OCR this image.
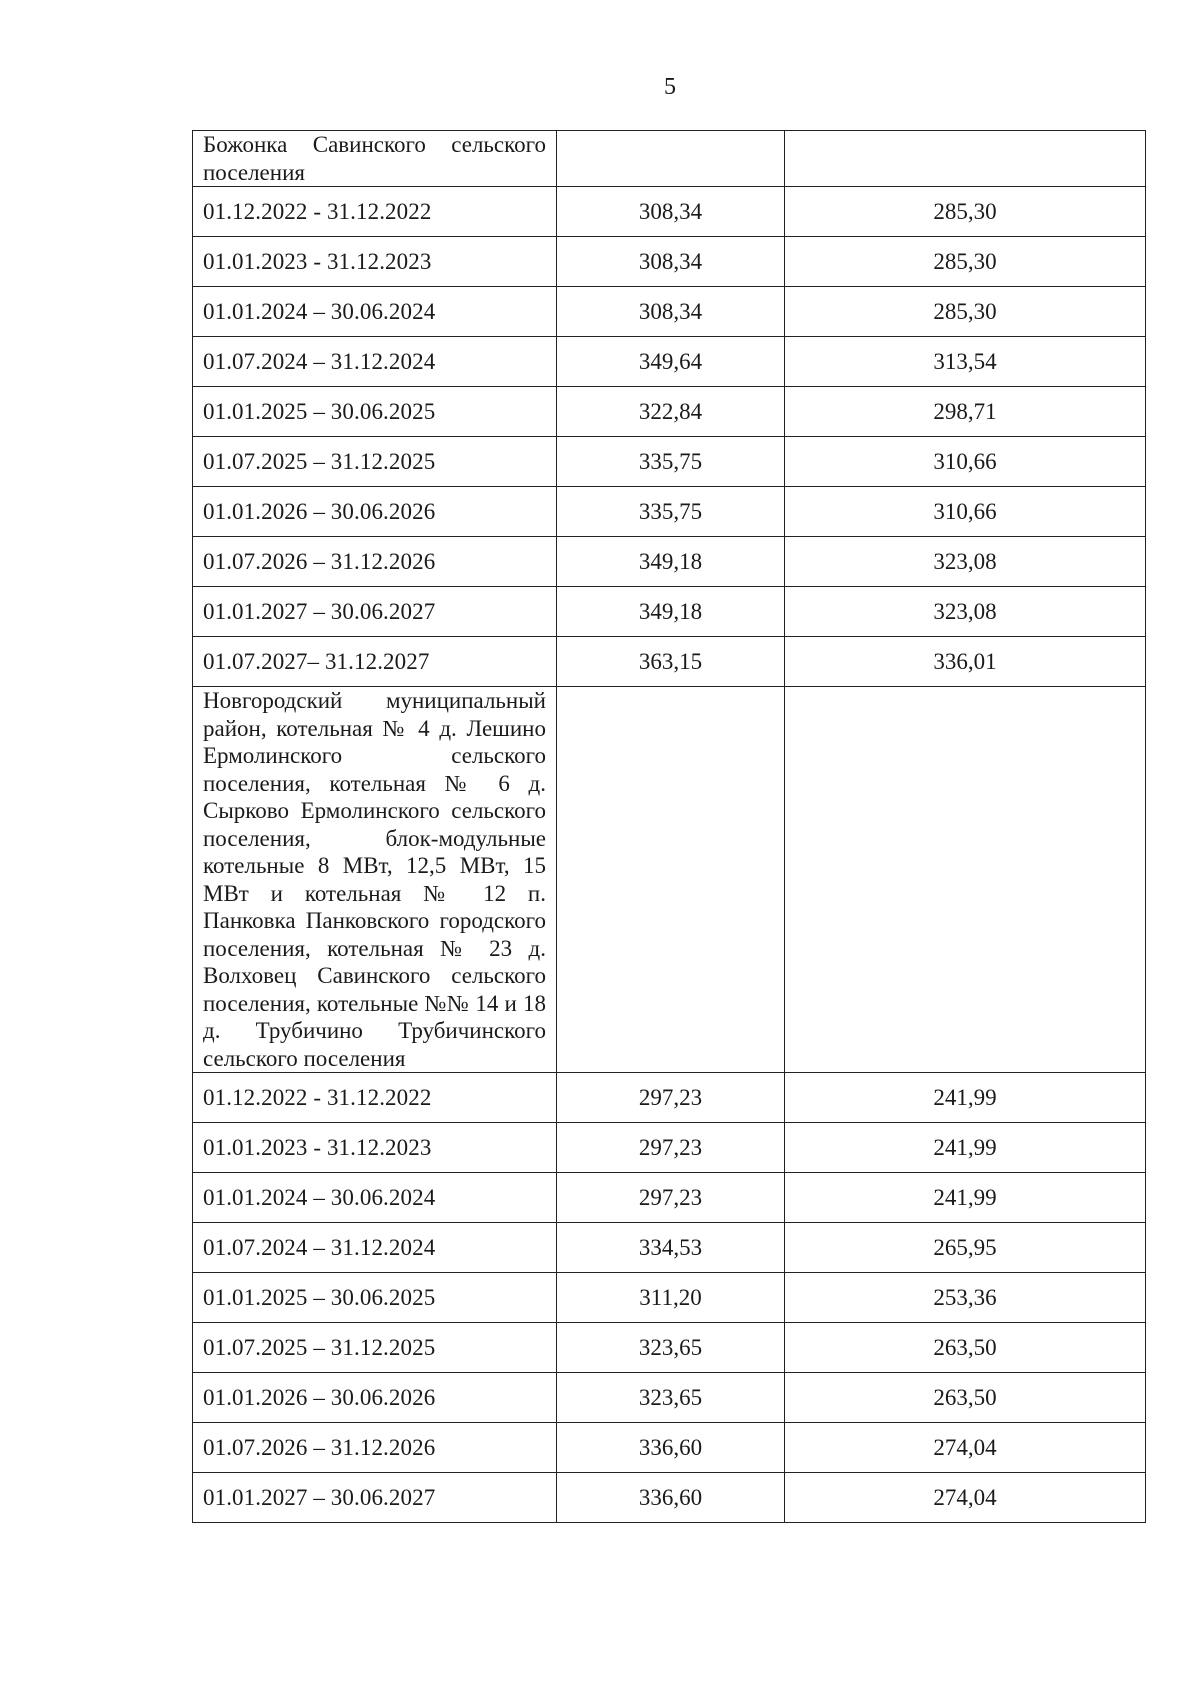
5
Божонка Савинского сельского поселения		
01.12.2022 - 31.12.2022	308,34	285,30
01.01.2023 - 31.12.2023	308,34	285,30
01.01.2024 – 30.06.2024	308,34	285,30
01.07.2024 – 31.12.2024	349,64	313,54
01.01.2025 – 30.06.2025	322,84	298,71
01.07.2025 – 31.12.2025	335,75	310,66
01.01.2026 – 30.06.2026	335,75	310,66
01.07.2026 – 31.12.2026	349,18	323,08
01.01.2027 – 30.06.2027	349,18	323,08
01.07.2027– 31.12.2027	363,15	336,01
Новгородский муниципальный район, котельная № 4 д. Лешино Ермолинского сельского поселения, котельная № 6 д. Сырково Ермолинского сельского поселения, блок-модульные котельные 8 МВт, 12,5 МВт, 15 МВт и котельная № 12 п. Панковка Панковского городского поселения, котельная № 23 д. Волховец Савинского сельского поселения, котельные №№ 14 и 18 д. Трубичино Трубичинского сельского поселения		
01.12.2022 - 31.12.2022	297,23	241,99
01.01.2023 - 31.12.2023	297,23	241,99
01.01.2024 – 30.06.2024	297,23	241,99
01.07.2024 – 31.12.2024	334,53	265,95
01.01.2025 – 30.06.2025	311,20	253,36
01.07.2025 – 31.12.2025	323,65	263,50
01.01.2026 – 30.06.2026	323,65	263,50
01.07.2026 – 31.12.2026	336,60	274,04
01.01.2027 – 30.06.2027	336,60	274,04
